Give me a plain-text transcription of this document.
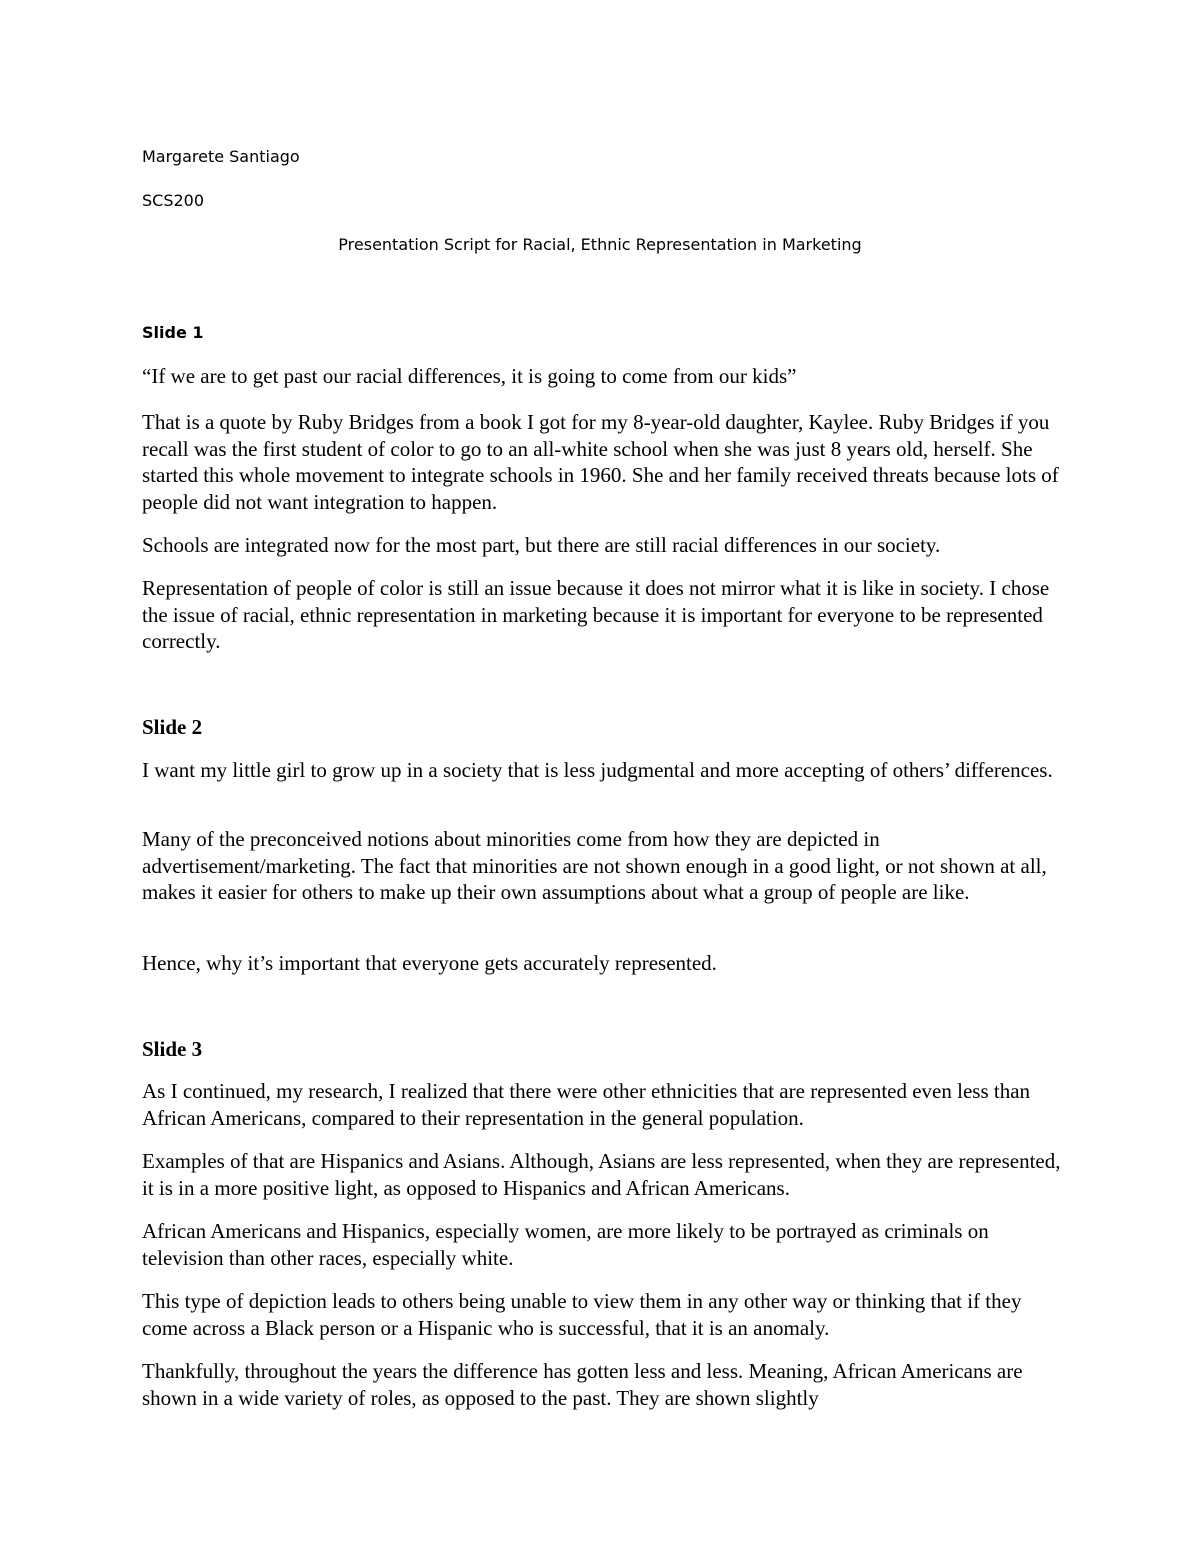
Margarete Santiago

SCS200

Presentation Script for Racial, Ethnic Representation in Marketing

Slide 1

“If we are to get past our racial differences, it is going to come from our kids”

That is a quote by Ruby Bridges from a book I got for my 8-year-old daughter, Kaylee. Ruby Bridges if you recall was the first student of color to go to an all-white school when she was just 8 years old, herself. She started this whole movement to integrate schools in 1960. She and her family received threats because lots of people did not want integration to happen.

Schools are integrated now for the most part, but there are still racial differences in our society.

Representation of people of color is still an issue because it does not mirror what it is like in society. I chose the issue of racial, ethnic representation in marketing because it is important for everyone to be represented correctly.

Slide 2

I want my little girl to grow up in a society that is less judgmental and more accepting of others’ differences.

Many of the preconceived notions about minorities come from how they are depicted in advertisement/marketing. The fact that minorities are not shown enough in a good light, or not shown at all, makes it easier for others to make up their own assumptions about what a group of people are like.

Hence, why it’s important that everyone gets accurately represented.

Slide 3

As I continued, my research, I realized that there were other ethnicities that are represented even less than African Americans, compared to their representation in the general population.

Examples of that are Hispanics and Asians. Although, Asians are less represented, when they are represented, it is in a more positive light, as opposed to Hispanics and African Americans.

African Americans and Hispanics, especially women, are more likely to be portrayed as criminals on television than other races, especially white.

This type of depiction leads to others being unable to view them in any other way or thinking that if they come across a Black person or a Hispanic who is successful, that it is an anomaly.

Thankfully, throughout the years the difference has gotten less and less. Meaning, African Americans are shown in a wide variety of roles, as opposed to the past. They are shown slightly
